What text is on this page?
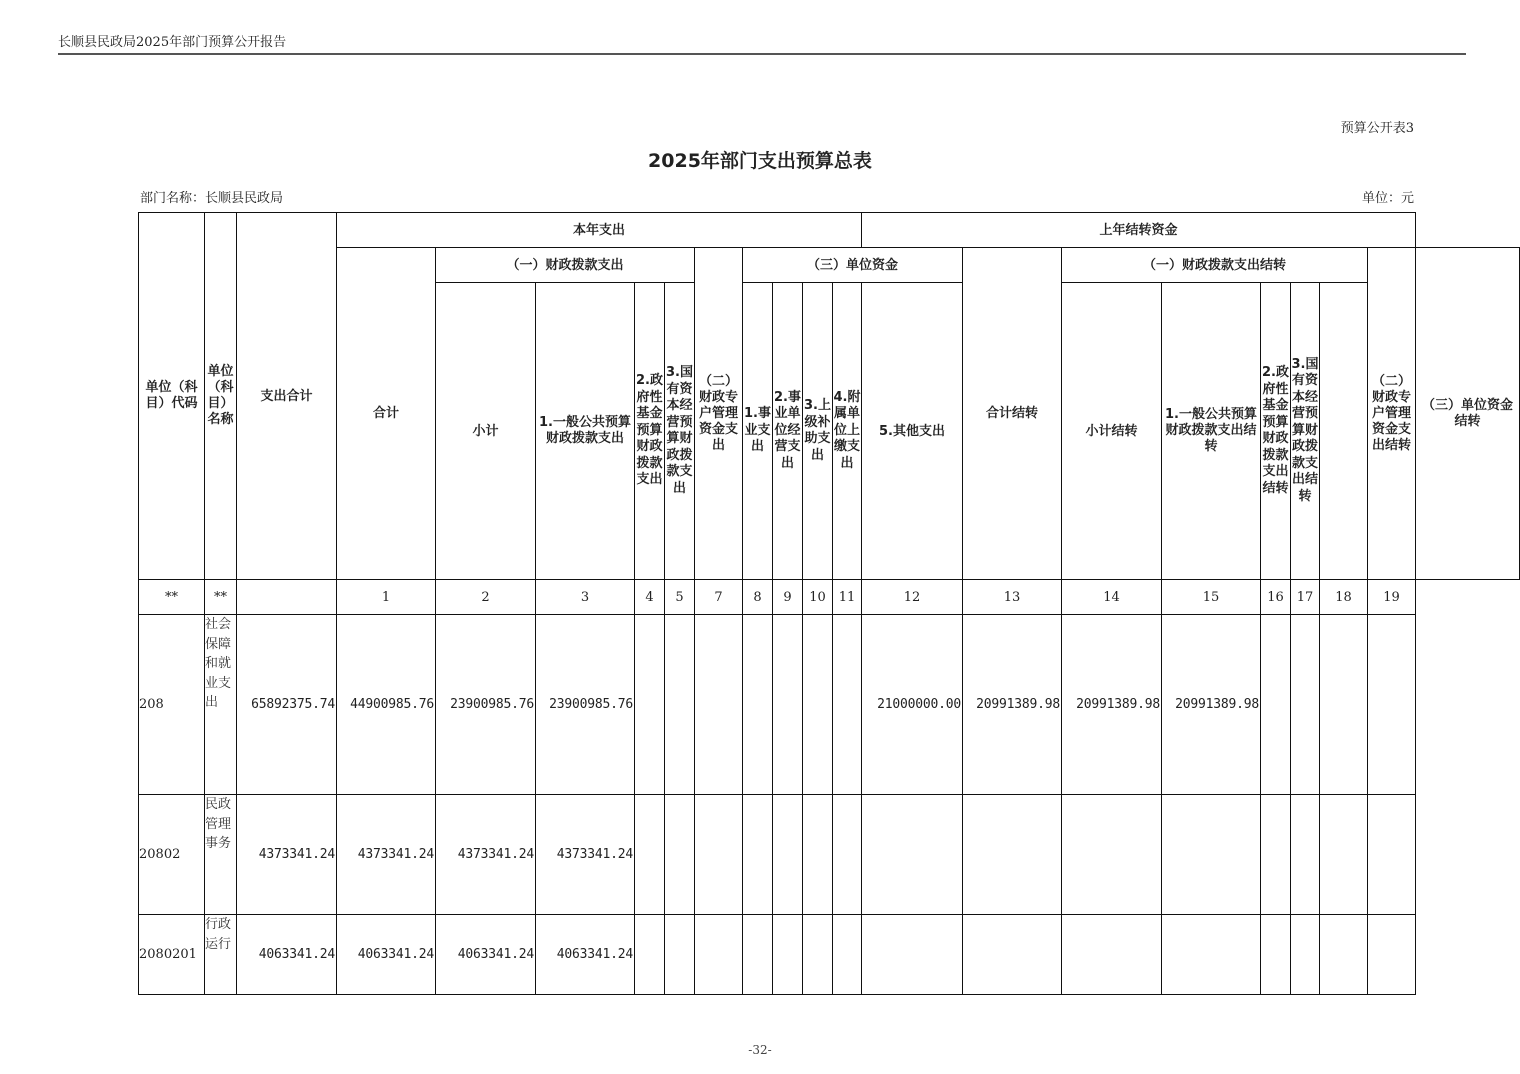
长顺县民政局2025年部门预算公开报告
预算公开表3
2025年部门支出预算总表
部门名称：长顺县民政局	单位：元
单位（科目）代码	单位（科目）名称	支出合计	本年支出										上年结转资金								
			合计	（一）财政拨款支出				（二）财政专户管理资金支出	（三）单位资金					合计结转	（一）财政拨款支出结转					（二）财政专户管理资金支出结转	（三）单位资金结转
				小计	1.一般公共预算财政拨款支出	2.政府性基金预算财政拨款支出	3.国有资本经营预算财政拨款支出		1.事业支出	2.事业单位经营支出	3.上级补助支出	4.附属单位上缴支出	5.其他支出		小计结转	1.一般公共预算财政拨款支出结转	2.政府性基金预算财政拨款支出结转	3.国有资本经营预算财政拨款支出结转			
**	**		1	2	3	4	5	7	8	9	10	11	12	13	14	15	16	17	18	19	
208	社会保障和就业支出	65892375.74	44900985.76	23900985.76	23900985.76								21000000.00	20991389.98	20991389.98	20991389.98					
20802	民政管理事务	4373341.24	4373341.24	4373341.24	4373341.24																
2080201	行政运行	4063341.24	4063341.24	4063341.24	4063341.24																
-32-
